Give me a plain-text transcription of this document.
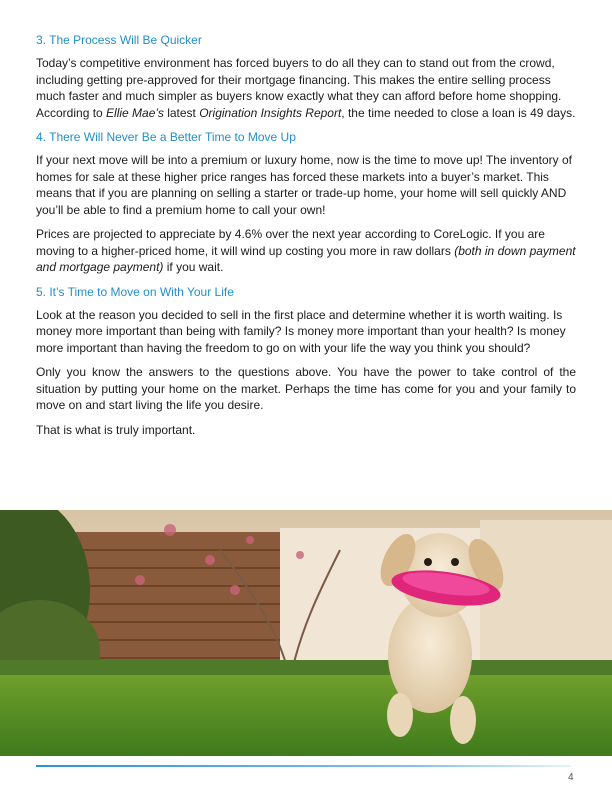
3. The Process Will Be Quicker

Today’s competitive environment has forced buyers to do all they can to stand out from the crowd, including getting pre-approved for their mortgage financing. This makes the entire selling process much faster and much simpler as buyers know exactly what they can afford before home shopping. According to Ellie Mae’s latest Origination Insights Report, the time needed to close a loan is 49 days.

4. There Will Never Be a Better Time to Move Up

If your next move will be into a premium or luxury home, now is the time to move up! The inventory of homes for sale at these higher price ranges has forced these markets into a buyer’s market. This means that if you are planning on selling a starter or trade-up home, your home will sell quickly AND you’ll be able to find a premium home to call your own!

Prices are projected to appreciate by 4.6% over the next year according to CoreLogic. If you are moving to a higher-priced home, it will wind up costing you more in raw dollars (both in down payment and mortgage payment) if you wait.

5. It’s Time to Move on With Your Life

Look at the reason you decided to sell in the first place and determine whether it is worth waiting. Is money more important than being with family? Is money more important than your health? Is money more important than having the freedom to go on with your life the way you think you should?

Only you know the answers to the questions above. You have the power to take control of the situation by putting your home on the market. Perhaps the time has come for you and your family to move on and start living the life you desire.

That is what is truly important.

4
